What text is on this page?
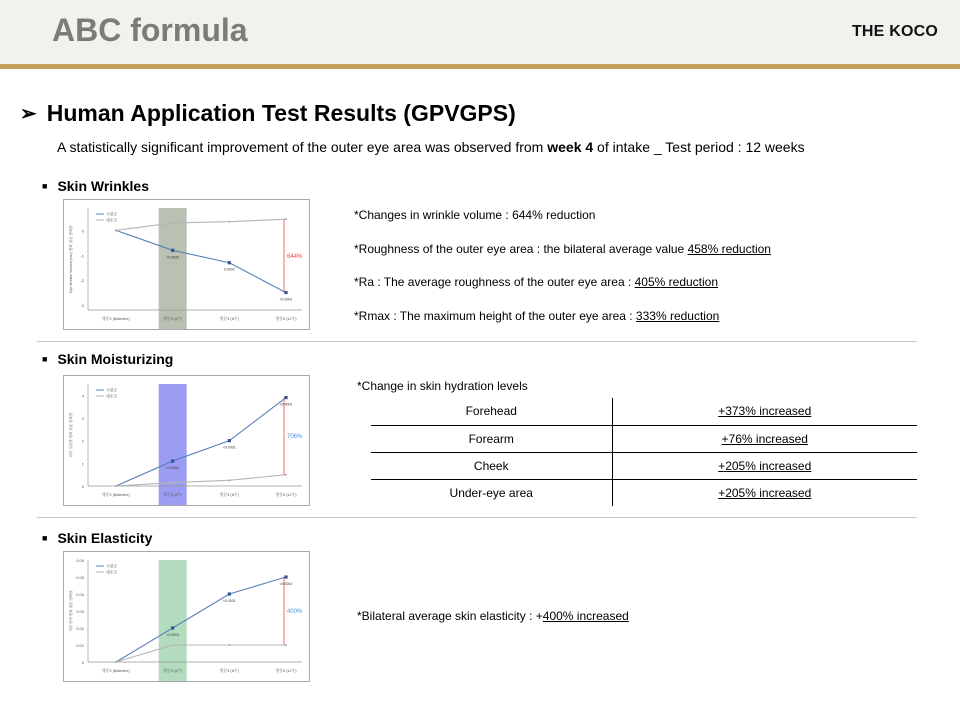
ABC formula	THE KOCO
➢ Human Application Test Results (GPVGPS)
A statistically significant improvement of the outer eye area was observed from week 4 of intake _ Test period : 12 weeks
■ Skin Wrinkles
0
-1
-2
-3
Eye Wrinkle Volume(mm³) 변화 평균 변화량
방문2 (Baseline)	방문3 (4주)	방문4 (8주)	방문5 (12주)
<0.0020
0.0002
<0.0001
644%
시험군
대조군	*Changes in wrinkle volume : 644% reduction
*Roughness of the outer eye area : the bilateral average value 458% reduction
*Ra : The average roughness of the outer eye area : 405% reduction
*Rmax : The maximum height of the outer eye area : 333% reduction
■ Skin Moisturizing
0
1
2
3
4
피부 수분량 변화 평균 변화량
방문2 (Baseline)	방문3 (4주)	방문4 (8주)	방문5 (12주)
<0.0001
<0.0001
<0.0001
706%
시험군
대조군
*Change in skin hydration levels
Forehead	+373% increased
Forearm	+76% increased
Cheek	+205% increased
Under-eye area	+205% increased
■ Skin Elasticity
0
0.01
0.02
0.03
0.04
0.05
0.06
피부 탄력 변화 평균 변화량
방문2 (Baseline)	방문3 (4주)	방문4 (8주)	방문5 (12주)
<0.0003
<0.0001
<0.0001
400%
시험군
대조군
*Bilateral average skin elasticity : +400% increased
